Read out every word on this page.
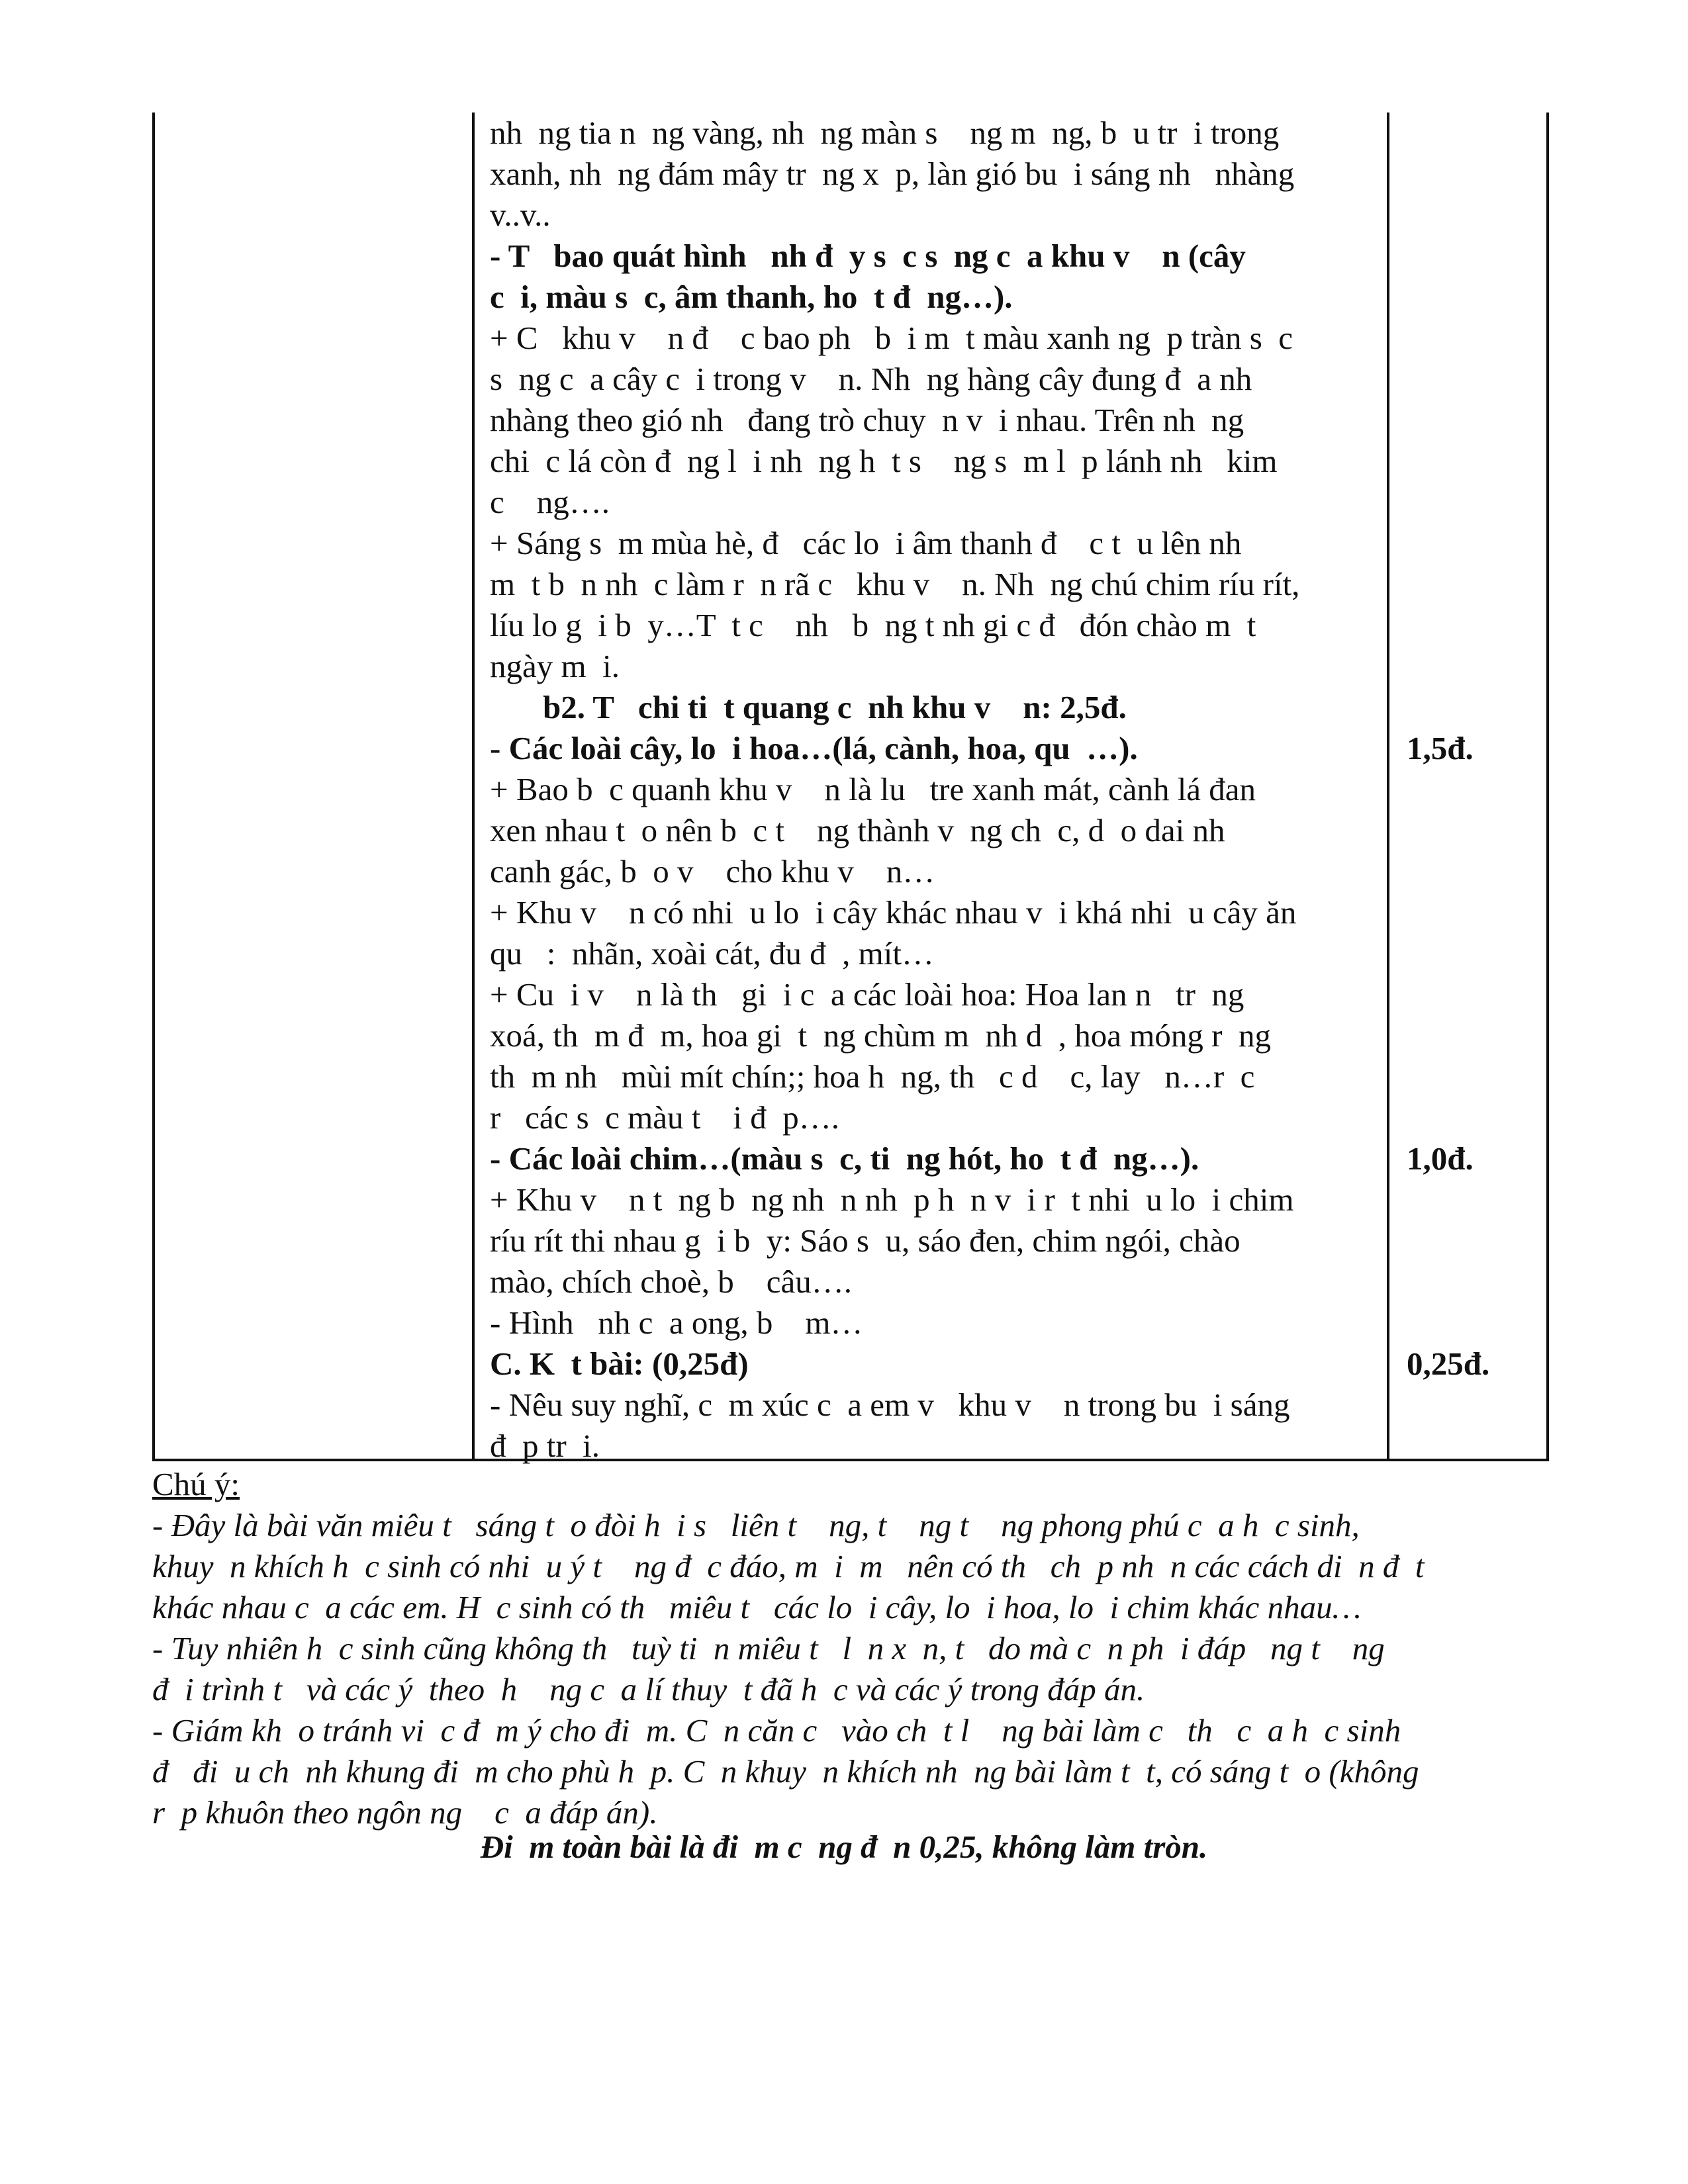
nh  ng tia n  ng vàng, nh  ng màn s    ng m  ng, b  u tr  i trong
xanh, nh  ng đám mây tr  ng x  p, làn gió bu  i sáng nh   nhàng
v..v..
- T   bao quát hình   nh đ  y s  c s  ng c  a khu v    n (cây
c  i, màu s  c, âm thanh, ho  t đ  ng…).
+ C   khu v    n đ    c bao ph   b  i m  t màu xanh ng  p tràn s  c
s  ng c  a cây c  i trong v    n. Nh  ng hàng cây đung đ  a nh
nhàng theo gió nh   đang trò chuy  n v  i nhau. Trên nh  ng
chi  c lá còn đ  ng l  i nh  ng h  t s    ng s  m l  p lánh nh   kim
c    ng….
+ Sáng s  m mùa hè, đ   các lo  i âm thanh đ    c t  u lên nh
m  t b  n nh  c làm r  n rã c   khu v    n. Nh  ng chú chim ríu rít,
líu lo g  i b  y…T  t c    nh   b  ng t nh gi c đ   đón chào m  t
ngày m  i.
b2. T   chi ti  t quang c  nh khu v    n: 2,5đ.
- Các loài cây, lo  i hoa…(lá, cành, hoa, qu  …).
+ Bao b  c quanh khu v    n là lu   tre xanh mát, cành lá đan
xen nhau t  o nên b  c t    ng thành v  ng ch  c, d  o dai nh
canh gác, b  o v    cho khu v    n…
+ Khu v    n có nhi  u lo  i cây khác nhau v  i khá nhi  u cây ăn
qu   :  nhãn, xoài cát, đu đ  , mít…
+ Cu  i v    n là th   gi  i c  a các loài hoa: Hoa lan n   tr  ng
xoá, th  m đ  m, hoa gi  t  ng chùm m  nh d  , hoa móng r  ng
th  m nh   mùi mít chín;; hoa h  ng, th   c d    c, lay   n…r  c
r   các s  c màu t    i đ  p….
- Các loài chim…(màu s  c, ti  ng hót, ho  t đ  ng…).
+ Khu v    n t  ng b  ng nh  n nh  p h  n v  i r  t nhi  u lo  i chim
ríu rít thi nhau g  i b  y: Sáo s  u, sáo đen, chim ngói, chào
mào, chích choè, b    câu….
- Hình   nh c  a ong, b    m…
C. K  t bài: (0,25đ)
- Nêu suy nghĩ, c  m xúc c  a em v   khu v    n trong bu  i sáng
đ  p tr  i.
1,5đ.
1,0đ.
0,25đ.
Chú ý:
- Đây là bài văn miêu t   sáng t  o đòi h  i s   liên t    ng, t    ng t    ng phong phú c  a h  c sinh,
khuy  n khích h  c sinh có nhi  u ý t    ng đ  c đáo, m  i  m   nên có th   ch  p nh  n các cách di  n đ  t
khác nhau c  a các em. H  c sinh có th   miêu t   các lo  i cây, lo  i hoa, lo  i chim khác nhau…
- Tuy nhiên h  c sinh cũng không th   tuỳ ti  n miêu t   l  n x  n, t   do mà c  n ph  i đáp   ng t    ng
đ  i trình t   và các ý  theo  h    ng c  a lí thuy  t đã h  c và các ý trong đáp án.
- Giám kh  o tránh vi  c đ  m ý cho đi  m. C  n căn c   vào ch  t l    ng bài làm c   th   c  a h  c sinh
đ   đi  u ch  nh khung đi  m cho phù h  p. C  n khuy  n khích nh  ng bài làm t  t, có sáng t  o (không
r  p khuôn theo ngôn ng    c  a đáp án).
Đi  m toàn bài là đi  m c  ng đ  n 0,25, không làm tròn.
